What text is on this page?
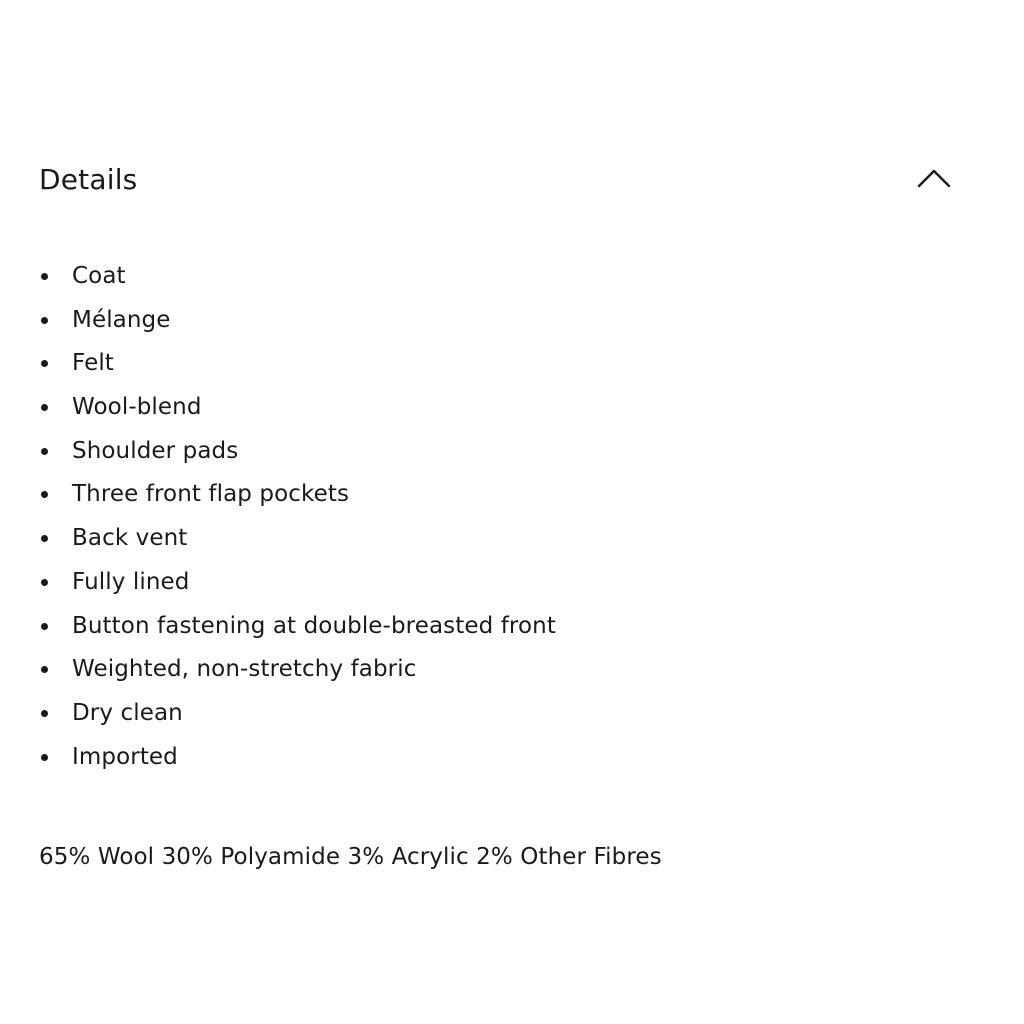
Details
Coat
Mélange
Felt
Wool-blend
Shoulder pads
Three front flap pockets
Back vent
Fully lined
Button fastening at double-breasted front
Weighted, non-stretchy fabric
Dry clean
Imported

65% Wool 30% Polyamide 3% Acrylic 2% Other Fibres
